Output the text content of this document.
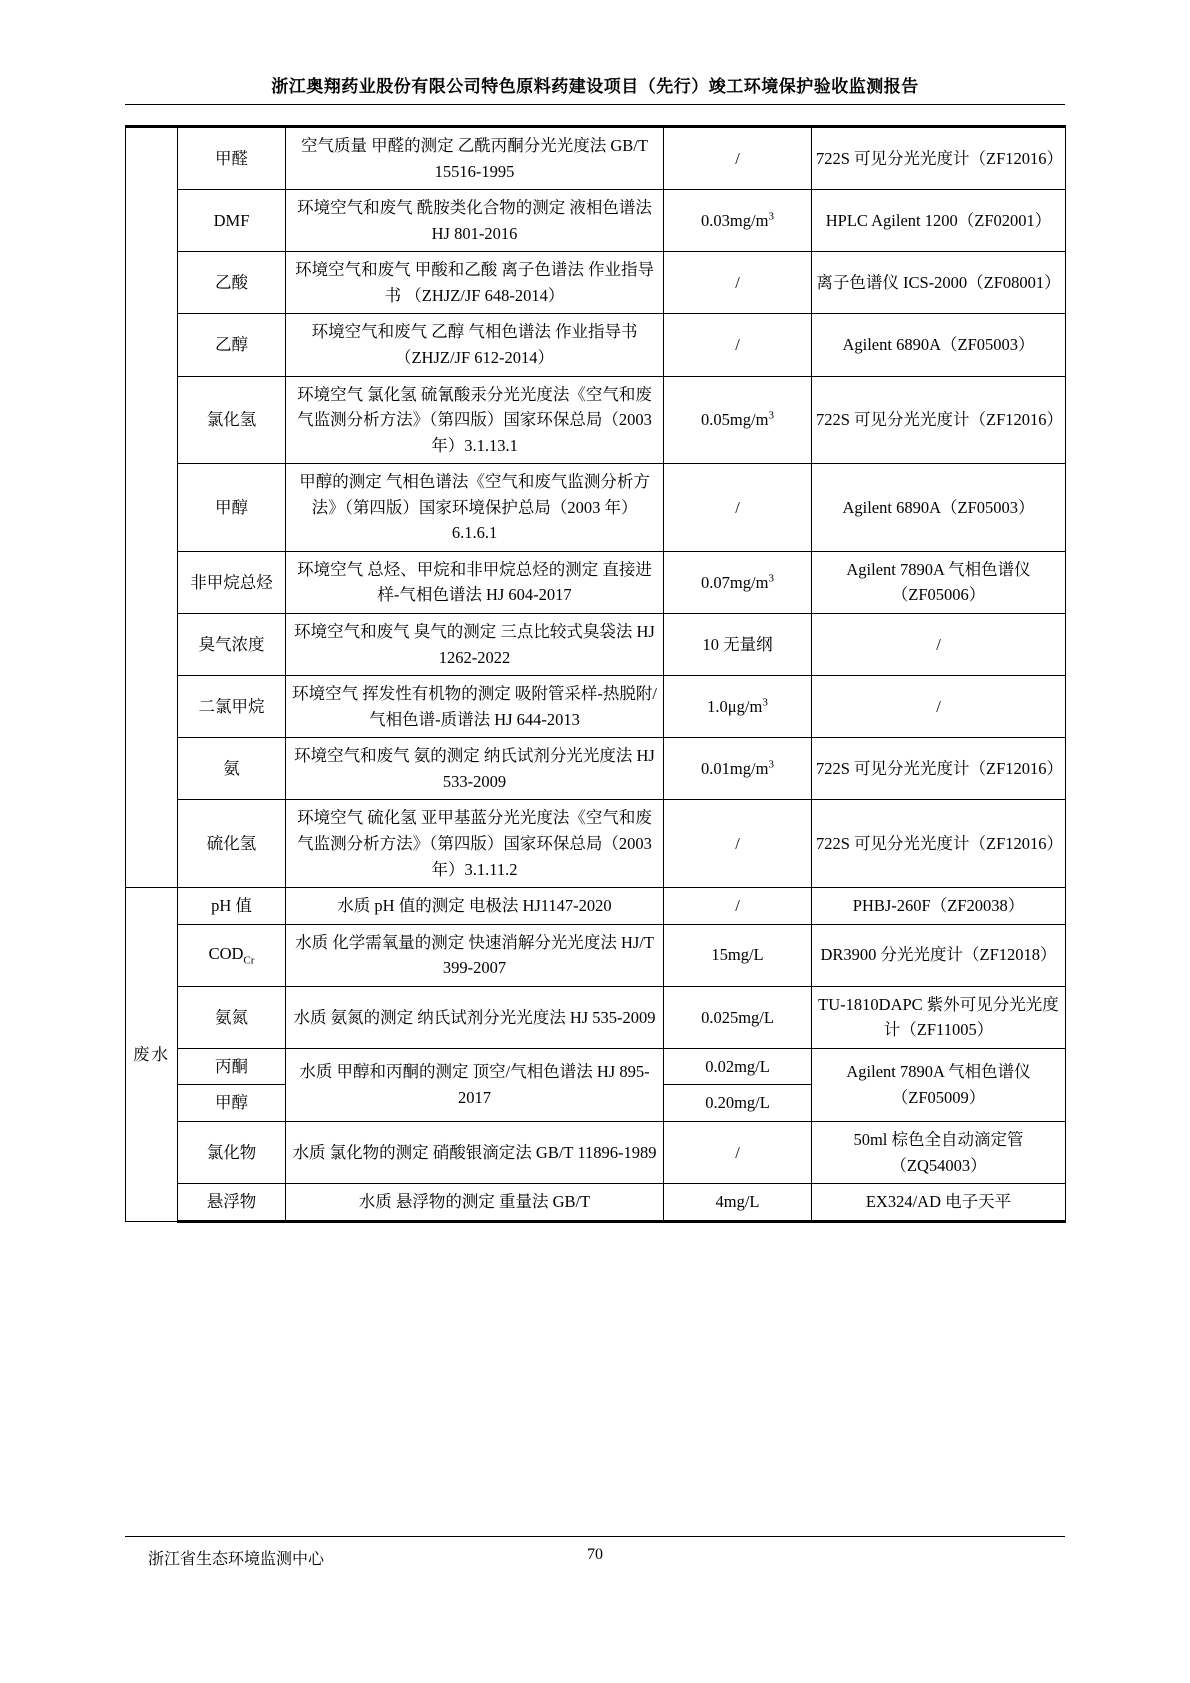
浙江奥翔药业股份有限公司特色原料药建设项目（先行）竣工环境保护验收监测报告
	甲醛	空气质量 甲醛的测定 乙酰丙酮分光光度法 GB/T 15516-1995	/	722S 可见分光光度计（ZF12016）
	DMF	环境空气和废气 酰胺类化合物的测定 液相色谱法 HJ 801-2016	$0.03mg/m^3$	HPLC Agilent 1200（ZF02001）
	乙酸	环境空气和废气 甲酸和乙酸 离子色谱法 作业指导书 （ZHJZ/JF 648-2014）	/	离子色谱仪 ICS-2000（ZF08001）
	乙醇	环境空气和废气 乙醇 气相色谱法 作业指导书（ZHJZ/JF 612-2014）	/	Agilent 6890A（ZF05003）
	氯化氢	环境空气 氯化氢 硫氰酸汞分光光度法《空气和废气监测分析方法》（第四版）国家环保总局（2003 年）3.1.13.1	$0.05mg/m^3$	722S 可见分光光度计（ZF12016）
	甲醇	甲醇的测定 气相色谱法《空气和废气监测分析方法》（第四版）国家环境保护总局（2003 年）6.1.6.1	/	Agilent 6890A（ZF05003）
	非甲烷总烃	环境空气 总烃、甲烷和非甲烷总烃的测定 直接进样-气相色谱法 HJ 604-2017	$0.07mg/m^3$	Agilent 7890A 气相色谱仪（ZF05006）
	臭气浓度	环境空气和废气 臭气的测定 三点比较式臭袋法 HJ 1262-2022	10 无量纲	/
	二氯甲烷	环境空气 挥发性有机物的测定 吸附管采样-热脱附/气相色谱-质谱法 HJ 644-2013	$1.0\mu g/m^3$	/
	氨	环境空气和废气 氨的测定 纳氏试剂分光光度法 HJ 533-2009	$0.01mg/m^3$	722S 可见分光光度计（ZF12016）
	硫化氢	环境空气 硫化氢 亚甲基蓝分光光度法《空气和废气监测分析方法》（第四版）国家环保总局（2003 年）3.1.11.2	/	722S 可见分光光度计（ZF12016）

废水	pH 值	水质 pH 值的测定 电极法 HJ1147-2020	/	PHBJ-260F（ZF20038）
	$COD_{Cr}$	水质 化学需氧量的测定 快速消解分光光度法 HJ/T 399-2007	15mg/L	DR3900 分光光度计（ZF12018）
	氨氮	水质 氨氮的测定 纳氏试剂分光光度法 HJ 535-2009	0.025mg/L	TU-1810DAPC 紫外可见分光光度计（ZF11005）
	丙酮	水质 甲醇和丙酮的测定 顶空/气相色谱法 HJ 895-2017	0.02mg/L	Agilent 7890A 气相色谱仪（ZF05009）
	甲醇		0.20mg/L	
	氯化物	水质 氯化物的测定 硝酸银滴定法 GB/T 11896-1989	/	50ml 棕色全自动滴定管（ZQ54003）
	悬浮物	水质 悬浮物的测定 重量法 GB/T	4mg/L	EX324/AD 电子天平
浙江省生态环境监测中心	70
